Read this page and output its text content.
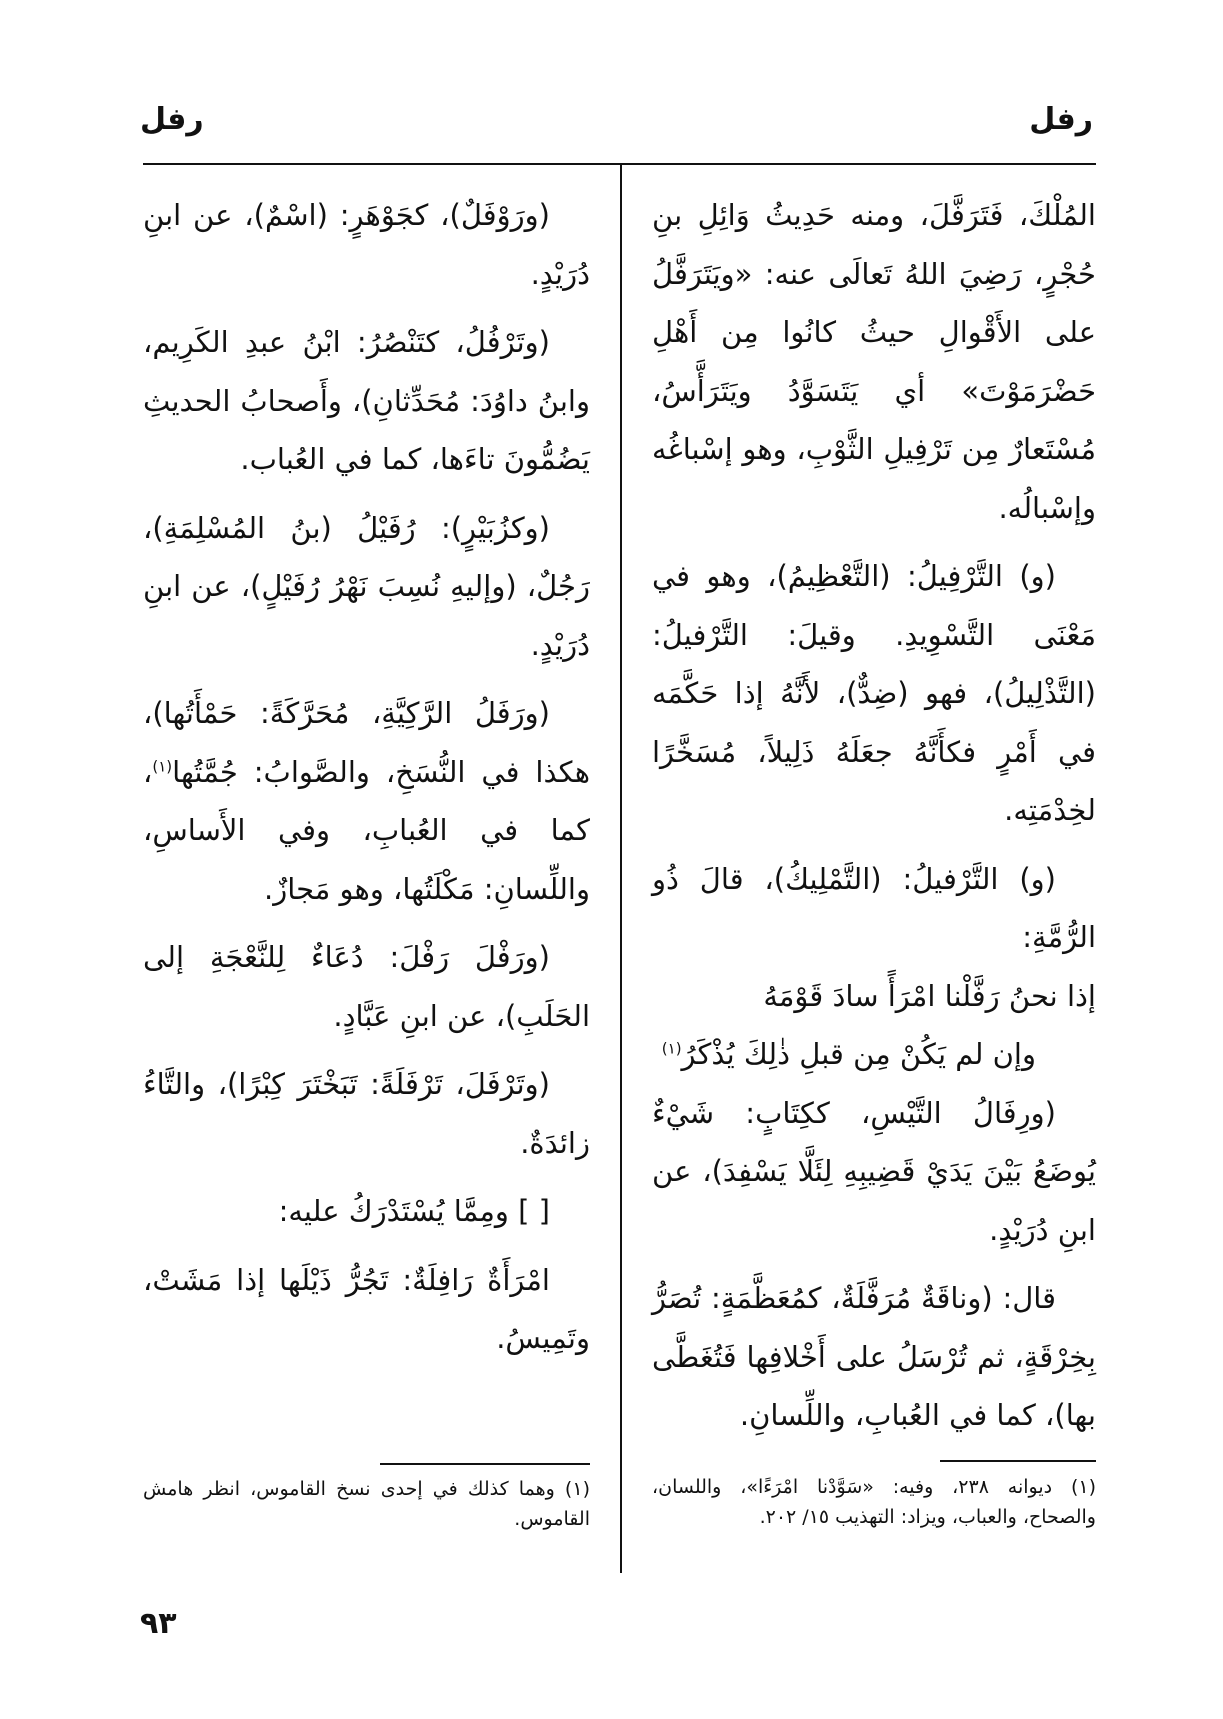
رفل
رفل

المُلْكَ، فَتَرَفَّلَ، ومنه حَدِيثُ وَائِلِ بنِ حُجْرٍ، رَضِيَ اللهُ تَعالَى عنه: «ويَتَرَفَّلُ على الأَقْوالِ حيثُ كانُوا مِن أَهْلِ حَضْرَمَوْتَ» أي يَتَسَوَّدُ ويَتَرَأَّسُ، مُسْتَعارٌ مِن تَرْفِيلِ الثَّوْبِ، وهو إسْباغُه وإسْبالُه.

(و) التَّرْفِيلُ: (التَّعْظِيمُ)، وهو في مَعْنَى التَّسْوِيدِ. وقيلَ: التَّرْفيلُ: (التَّذْلِيلُ)، فهو (ضِدٌّ)، لأَنَّهُ إذا حَكَّمَه في أَمْرٍ فكأَنَّهُ جعَلَهُ ذَلِيلاً، مُسَخَّرًا لخِدْمَتِه.

(و) التَّرْفيلُ: (التَّمْلِيكُ)، قالَ ذُو الرُّمَّةِ:

إذا نحنُ رَفَّلْنا امْرَأً سادَ قَوْمَهُ
وإن لم يَكُنْ مِن قبلِ ذٰلِكَ يُذْكَرُ$^{(١)}$

(ورِفَالُ التَّيْسِ، ككِتَابٍ: شَيْءٌ يُوضَعُ بَيْنَ يَدَيْ قَضِيبِهِ لِئَلَّا يَسْفِدَ)، عن ابنِ دُرَيْدٍ.

قال: (وناقَةٌ مُرَفَّلَةٌ، كمُعَظَّمَةٍ: تُصَرُّ بِخِرْقَةٍ، ثم تُرْسَلُ على أَخْلافِها فَتُغَطَّى بها)، كما في العُبابِ، واللِّسانِ.

(ورَوْفَلٌ)، كجَوْهَرٍ: (اسْمٌ)، عن ابنِ دُرَيْدٍ.

(وتَرْفُلُ، كتَنْصُرُ: ابْنُ عبدِ الكَرِيم، وابنُ داوُدَ: مُحَدِّثانِ)، وأَصحابُ الحديثِ يَضُمُّونَ تاءَها، كما في العُباب.

(وكزُبَيْرٍ): رُفَيْلُ (بنُ المُسْلِمَةِ)، رَجُلٌ، (وإليهِ نُسِبَ نَهْرُ رُفَيْلٍ)، عن ابنِ دُرَيْدٍ.

(ورَفَلُ الرَّكِيَّةِ، مُحَرَّكَةً: حَمْأَتُها)، هكذا في النُّسَخِ، والصَّوابُ: جُمَّتُها$^{(١)}$، كما في العُبابِ، وفي الأَساسِ، واللِّسانِ: مَكْلَتُها، وهو مَجازٌ.

(ورَفْلَ رَفْلَ: دُعَاءٌ لِلنَّعْجَةِ إلى الحَلَبِ)، عن ابنِ عَبَّادٍ.

(وتَرْفَلَ، تَرْفَلَةً: تَبَخْتَرَ كِبْرًا)، والتَّاءُ زائدَةٌ.

[ ] ومِمَّا يُسْتَدْرَكُ عليه:

امْرَأَةٌ رَافِلَةٌ: تَجُرُّ ذَيْلَها إذا مَشَتْ، وتَمِيسُ.

(١) ديوانه ٢٣٨، وفيه: «سَوَّدْنا امْرَءًا»، واللسان، والصحاح، والعباب، ويزاد: التهذيب ١٥/ ٢٠٢.
(١) وهما كذلك في إحدى نسخ القاموس، انظر هامش القاموس.
٩٣
